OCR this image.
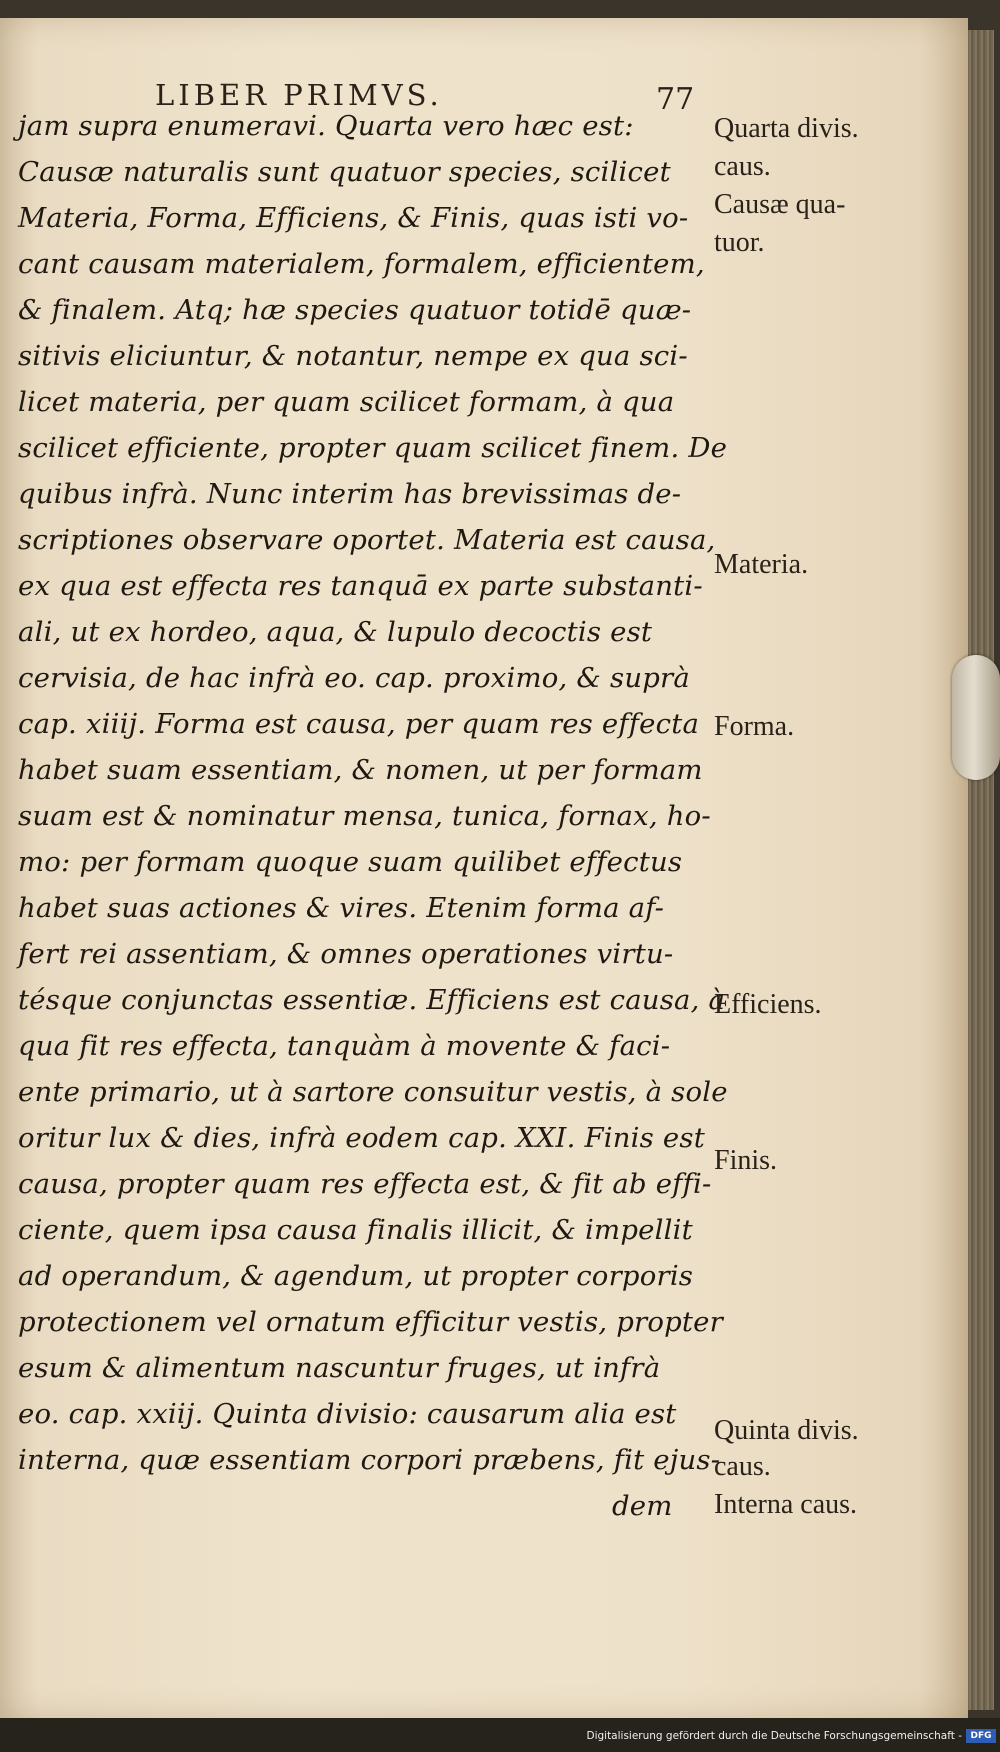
LIBER PRIMVS.	77
jam supra enumeravi. Quarta vero hæc est:
Causæ naturalis sunt quatuor species, scilicet
Materia, Forma, Efficiens, & Finis, quas isti vo-
cant causam materialem, formalem, efficientem,
& finalem. Atq; hæ species quatuor totidē quæ-
sitivis eliciuntur, & notantur, nempe ex qua sci-
licet materia, per quam scilicet formam, à qua
scilicet efficiente, propter quam scilicet finem. De
quibus infrà. Nunc interim has brevissimas de-
scriptiones observare oportet. Materia est causa,
ex qua est effecta res tanquā ex parte substanti-
ali, ut ex hordeo, aqua, & lupulo decoctis est
cervisia, de hac infrà eo. cap. proximo, & suprà
cap. xiiij. Forma est causa, per quam res effecta
habet suam essentiam, & nomen, ut per formam
suam est & nominatur mensa, tunica, fornax, ho-
mo: per formam quoque suam quilibet effectus
habet suas actiones & vires. Etenim forma af-
fert rei assentiam, & omnes operationes virtu-
tésque conjunctas essentiæ. Efficiens est causa, à
qua fit res effecta, tanquàm à movente & faci-
ente primario, ut à sartore consuitur vestis, à sole
oritur lux & dies, infrà eodem cap. XXI. Finis est
causa, propter quam res effecta est, & fit ab effi-
ciente, quem ipsa causa finalis illicit, & impellit
ad operandum, & agendum, ut propter corporis
protectionem vel ornatum efficitur vestis, propter
esum & alimentum nascuntur fruges, ut infrà
eo. cap. xxiij. Quinta divisio: causarum alia est
interna, quæ essentiam corpori præbens, fit ejus-
dem
Quarta divis.
caus.
Causæ qua-
tuor.
Materia.
Forma.
Efficiens.
Finis.
Quinta divis.
caus.
Interna caus.
Digitalisierung gefördert durch die Deutsche Forschungsgemeinschaft - DFG
